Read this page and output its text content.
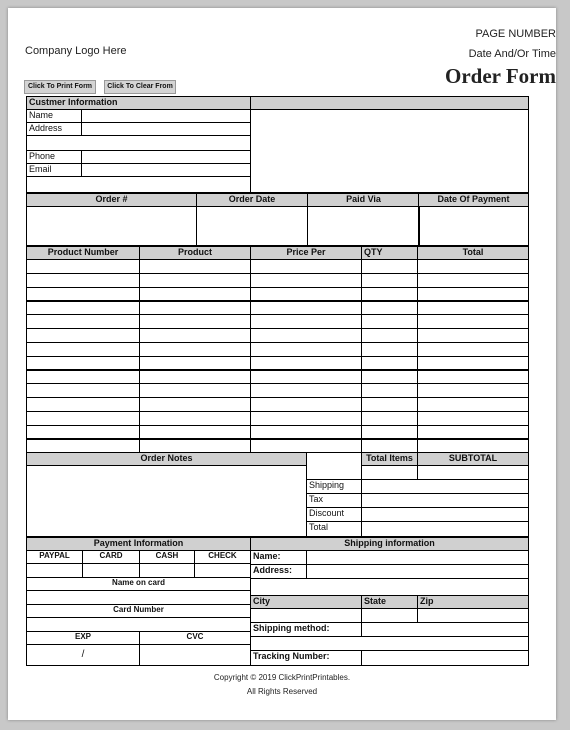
PAGE NUMBER
Company Logo Here	Date And/Or Time
Order Form
Click To Print Form	Click To Clear From
Custmer Information
Name
Address
Phone
Email
Order #	Order Date	Paid Via	Date Of Payment
Product Number	Product	Price Per	QTY	Total
Order Notes	Total Items	SUBTOTAL
Shipping
Tax
Discount
Total
Payment Information
PAYPAL	CARD	CASH	CHECK
Name on card
Card Number
EXP	CVC
/
Shipping information
Name:
Address:
City	State	Zip
Shipping method:
Tracking Number:
Copyright © 2019 ClickPrintPrintables.
All Rights Reserved
